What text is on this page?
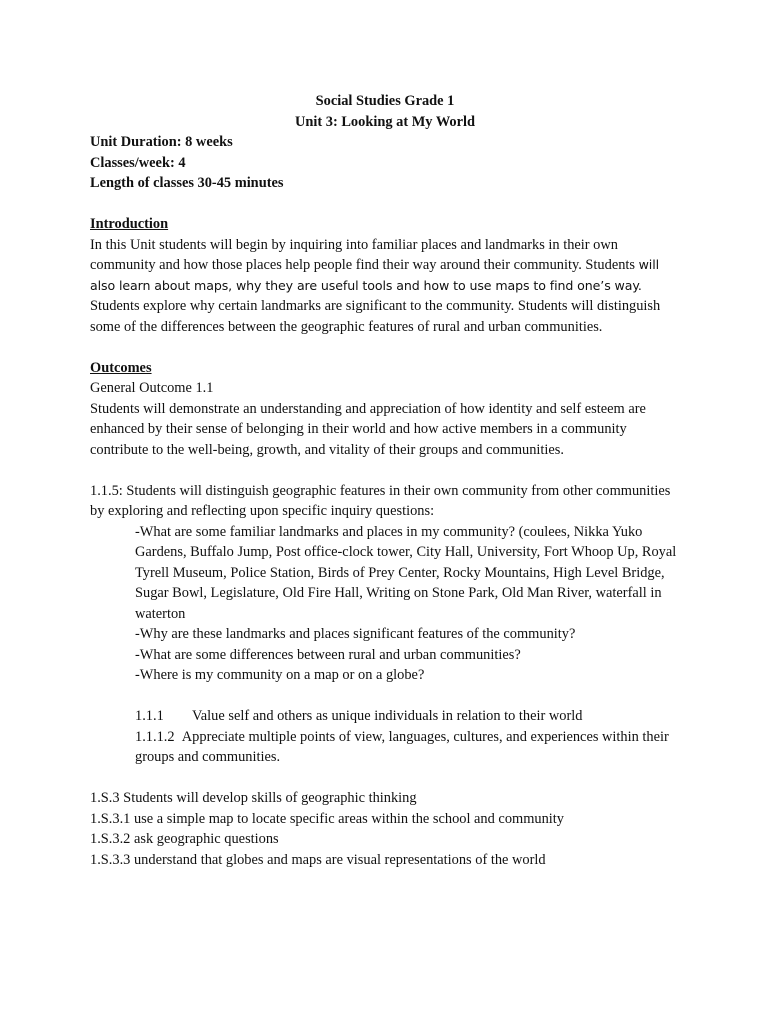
Social Studies Grade 1
Unit 3: Looking at My World
Unit Duration: 8 weeks
Classes/week: 4
Length of classes 30-45 minutes
Introduction

In this Unit students will begin by inquiring into familiar places and landmarks in their own community and how those places help people find their way around their community. Students will also learn about maps, why they are useful tools and how to use maps to find one’s way. Students explore why certain landmarks are significant to the community. Students will distinguish some of the differences between the geographic features of rural and urban communities.

Outcomes
General Outcome 1.1

Students will demonstrate an understanding and appreciation of how identity and self esteem are enhanced by their sense of belonging in their world and how active members in a community contribute to the well-being, growth, and vitality of their groups and communities.

1.1.5: Students will distinguish geographic features in their own community from other communities by exploring and reflecting upon specific inquiry questions:

-What are some familiar landmarks and places in my community? (coulees, Nikka Yuko Gardens, Buffalo Jump, Post office-clock tower, City Hall, University, Fort Whoop Up, Royal Tyrell Museum, Police Station, Birds of Prey Center, Rocky Mountains, High Level Bridge, Sugar Bowl, Legislature, Old Fire Hall, Writing on Stone Park, Old Man River, waterfall in waterton
-Why are these landmarks and places significant features of the community?
-What are some differences between rural and urban communities?
-Where is my community on a map or on a globe?
1.1.1 Value self and others as unique individuals in relation to their world
1.1.1.2 Appreciate multiple points of view, languages, cultures, and experiences within their groups and communities.
1.S.3 Students will develop skills of geographic thinking
1.S.3.1 use a simple map to locate specific areas within the school and community
1.S.3.2 ask geographic questions
1.S.3.3 understand that globes and maps are visual representations of the world
